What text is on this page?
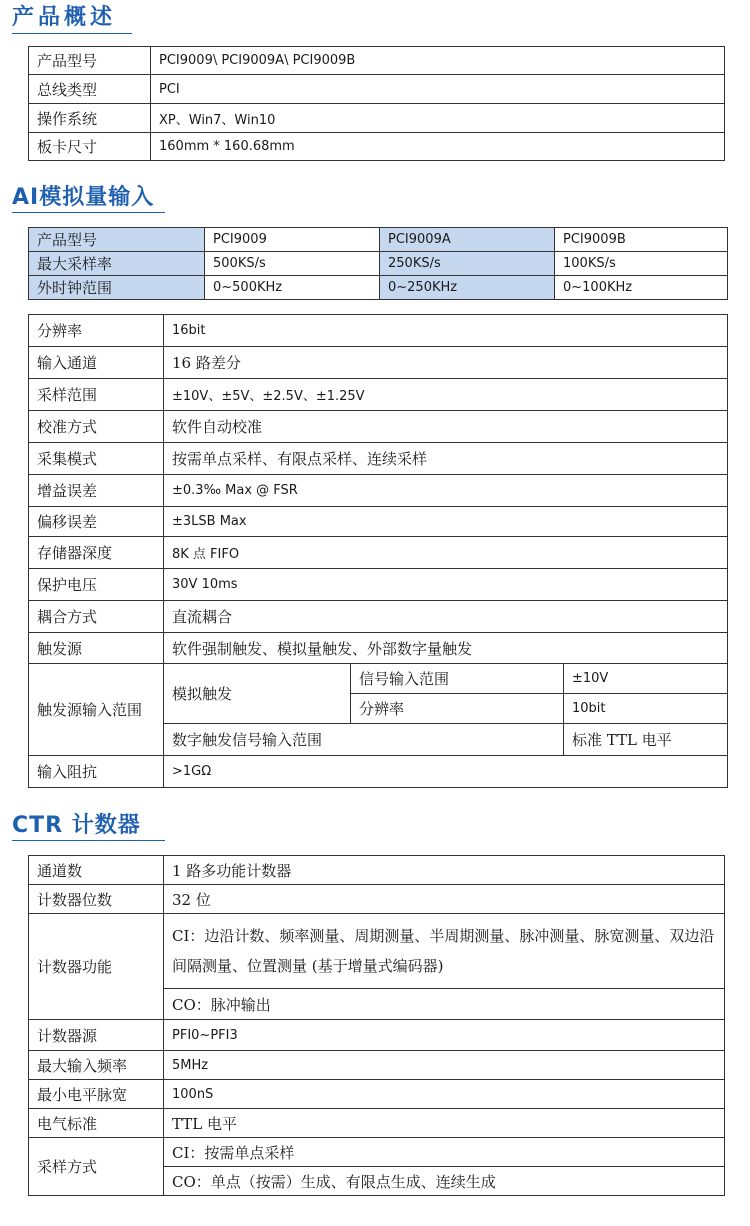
产品概述
产品型号	PCI9009\ PCI9009A\ PCI9009B
总线类型	PCI
操作系统	XP、Win7、Win10
板卡尺寸	160mm * 160.68mm
AI模拟量输入
产品型号	PCI9009	PCI9009A	PCI9009B
最大采样率	500KS/s	250KS/s	100KS/s
外时钟范围	0~500KHz	0~250KHz	0~100KHz
分辨率	16bit		
输入通道	16 路差分		
采样范围	±10V、±5V、±2.5V、±1.25V		
校准方式	软件自动校准		
采集模式	按需单点采样、有限点采样、连续采样		
增益误差	±0.3‰ Max @ FSR		
偏移误差	±3LSB Max		
存储器深度	8K 点 FIFO		
保护电压	30V 10ms		
耦合方式	直流耦合		
触发源	软件强制触发、模拟量触发、外部数字量触发		
触发源输入范围	模拟触发	信号输入范围	±10V
		分辨率	10bit
	数字触发信号输入范围		标准 TTL 电平
输入阻抗	>1GΩ		
CTR 计数器
通道数	1 路多功能计数器
计数器位数	32 位
计数器功能	CI：边沿计数、频率测量、周期测量、半周期测量、脉冲测量、脉宽测量、双边沿间隔测量、位置测量 (基于增量式编码器)
	CO：脉冲输出
计数器源	PFI0~PFI3
最大输入频率	5MHz
最小电平脉宽	100nS
电气标准	TTL 电平
采样方式	CI：按需单点采样
	CO：单点（按需）生成、有限点生成、连续生成
